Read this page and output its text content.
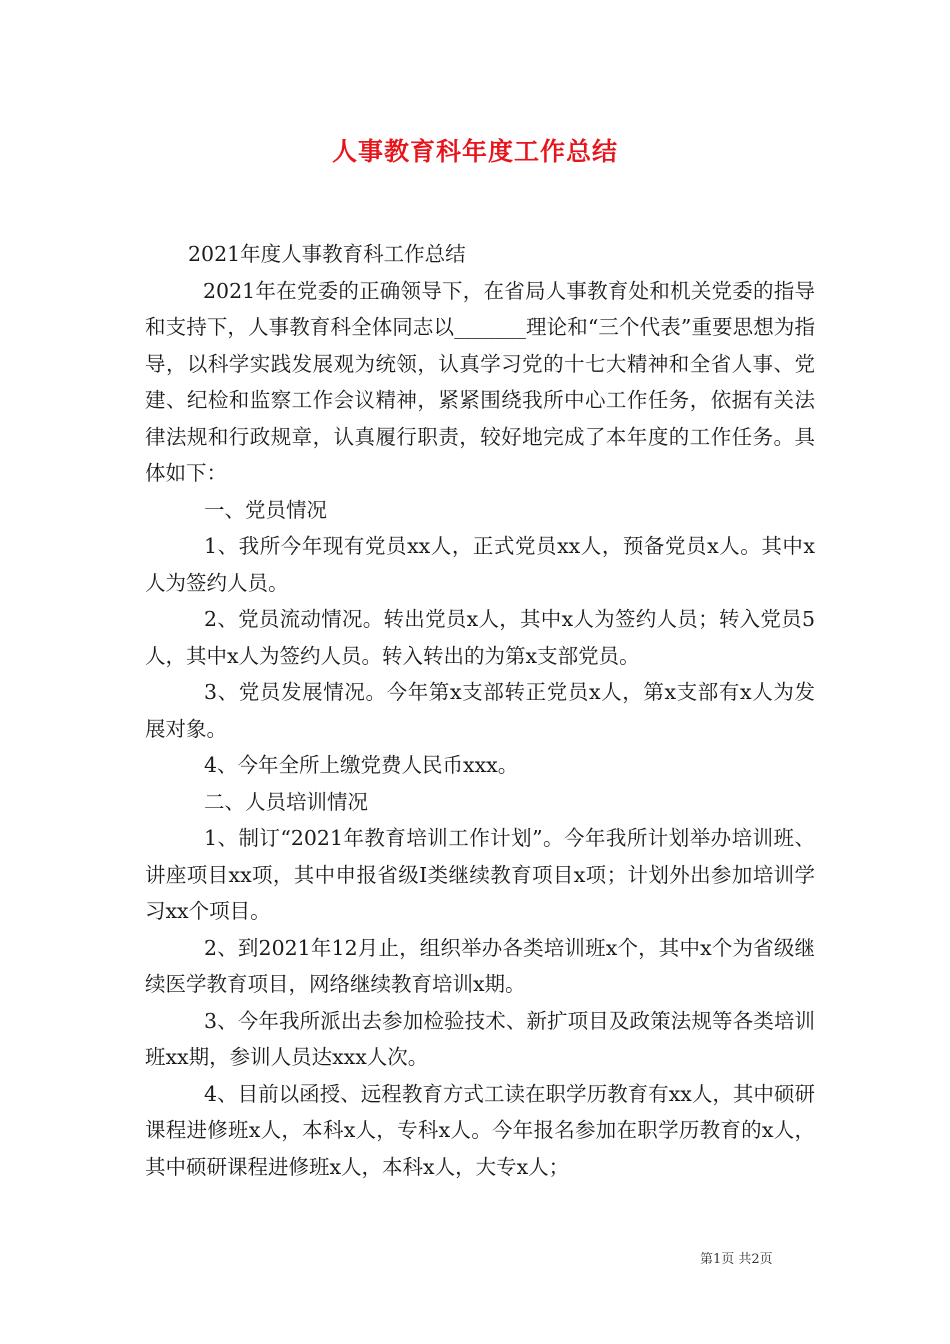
人事教育科年度工作总结

2021年度人事教育科工作总结

2021年在党委的正确领导下，在省局人事教育处和机关党委的指导和支持下，人事教育科全体同志以_______理论和“三个代表”重要思想为指导，以科学实践发展观为统领，认真学习党的十七大精神和全省人事、党建、纪检和监察工作会议精神，紧紧围绕我所中心工作任务，依据有关法律法规和行政规章，认真履行职责，较好地完成了本年度的工作任务。具体如下：

一、党员情况

1、我所今年现有党员xx人，正式党员xx人，预备党员x人。其中x人为签约人员。

2、党员流动情况。转出党员x人，其中x人为签约人员；转入党员5人，其中x人为签约人员。转入转出的为第x支部党员。

3、党员发展情况。今年第x支部转正党员x人，第x支部有x人为发展对象。

4、今年全所上缴党费人民币xxx。

二、人员培训情况

1、制订“2021年教育培训工作计划”。今年我所计划举办培训班、讲座项目xx项，其中申报省级Ⅰ类继续教育项目x项；计划外出参加培训学习xx个项目。

2、到2021年12月止，组织举办各类培训班x个，其中x个为省级继续医学教育项目，网络继续教育培训x期。

3、今年我所派出去参加检验技术、新扩项目及政策法规等各类培训班xx期，参训人员达xxx人次。

4、目前以函授、远程教育方式工读在职学历教育有xx人，其中硕研课程进修班x人，本科x人，专科x人。今年报名参加在职学历教育的x人，其中硕研课程进修班x人，本科x人，大专x人；

第1页 共2页
